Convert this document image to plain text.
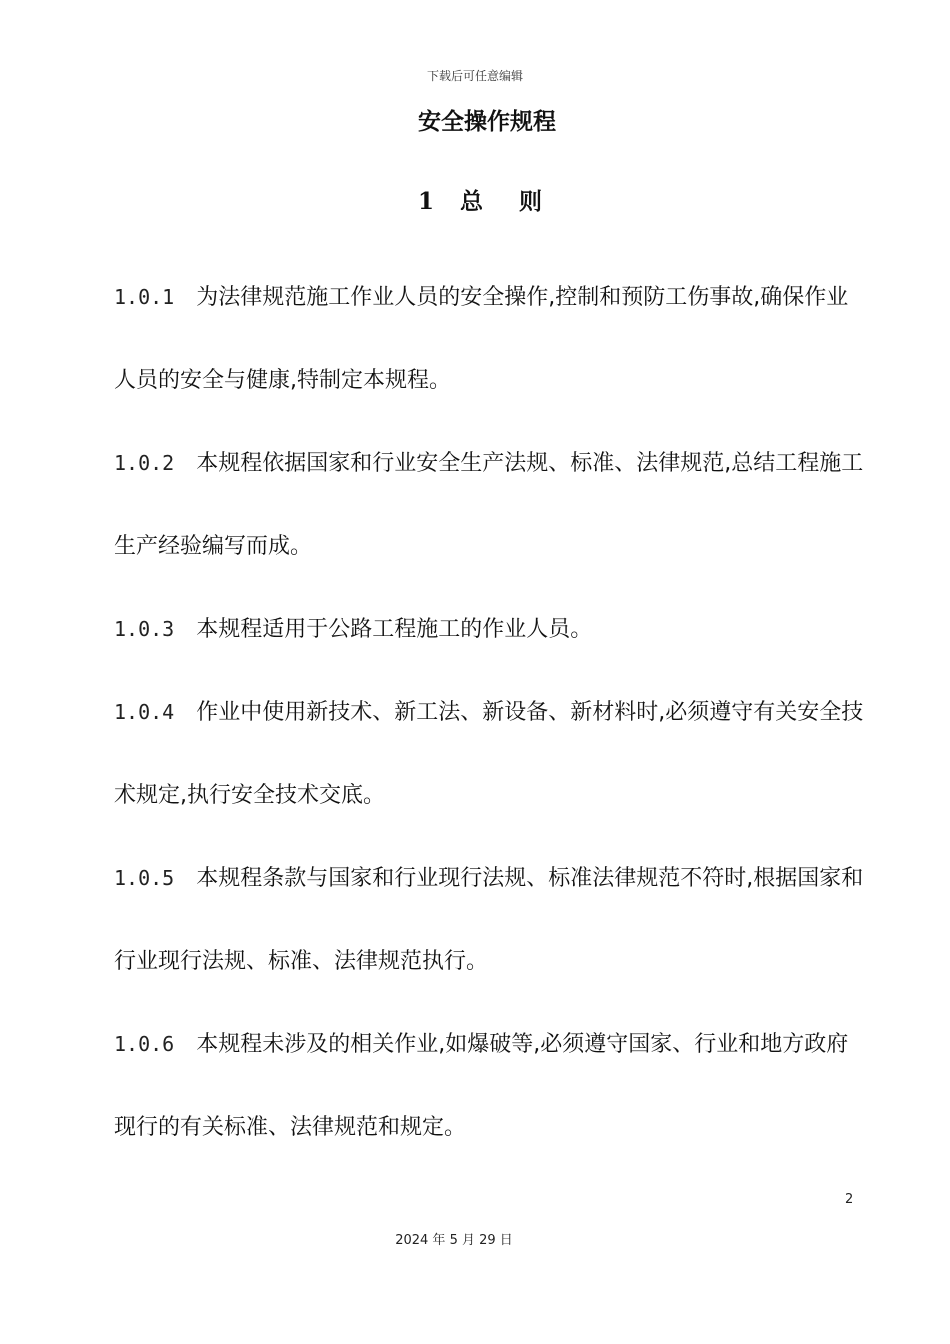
下载后可任意编辑
安全操作规程
1 总 则

1.0.1 为法律规范施工作业人员的安全操作,控制和预防工伤事故,确保作业人员的安全与健康,特制定本规程。

1.0.2 本规程依据国家和行业安全生产法规、标准、法律规范,总结工程施工生产经验编写而成。

1.0.3 本规程适用于公路工程施工的作业人员。

1.0.4 作业中使用新技术、新工法、新设备、新材料时,必须遵守有关安全技术规定,执行安全技术交底。

1.0.5 本规程条款与国家和行业现行法规、标准法律规范不符时,根据国家和行业现行法规、标准、法律规范执行。

1.0.6 本规程未涉及的相关作业,如爆破等,必须遵守国家、行业和地方政府现行的有关标准、法律规范和规定。

2
2024 年 5 月 29 日
